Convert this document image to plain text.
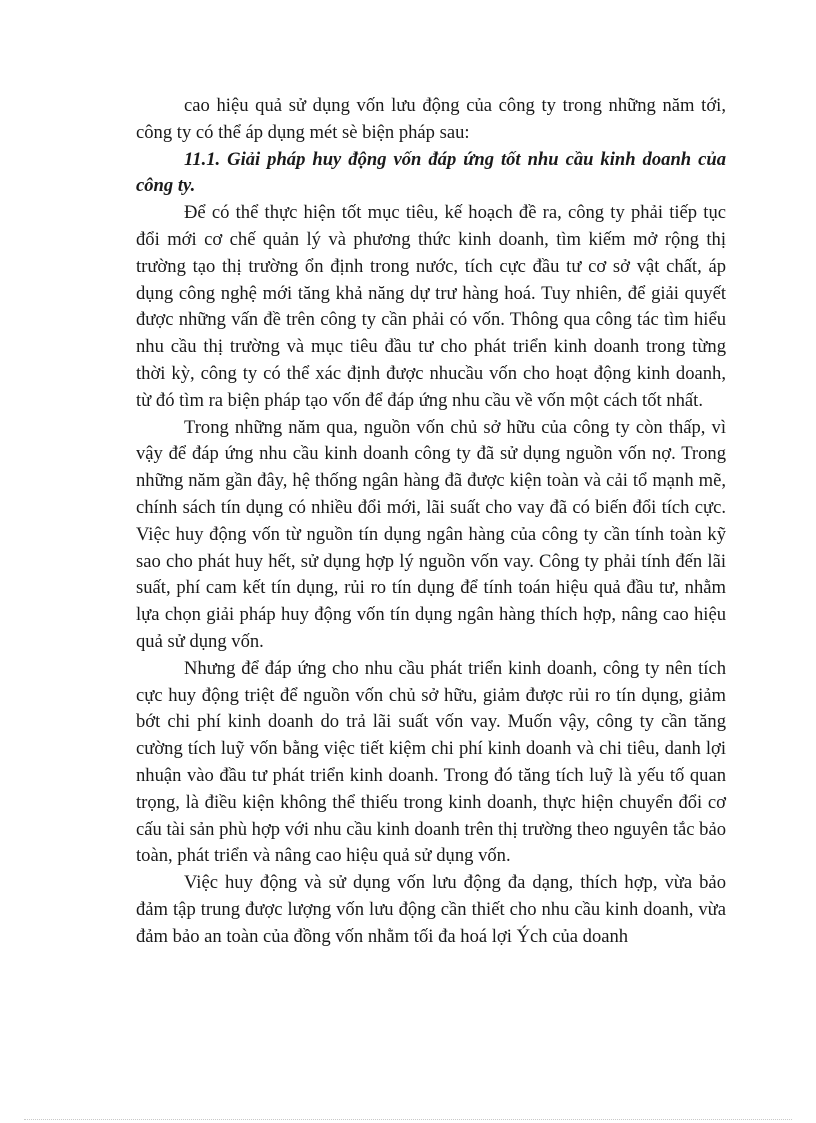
cao hiệu quả sử dụng vốn lưu động của công ty trong những năm tới, công ty có thể áp dụng mét sè biện pháp sau:

11.1. Giải pháp huy động vốn đáp ứng tốt nhu cầu kinh doanh của công ty.

Để có thể thực hiện tốt mục tiêu, kế hoạch đề ra, công ty phải tiếp tục đổi mới cơ chế quản lý và phương thức kinh doanh, tìm kiếm mở rộng thị trường tạo thị trường ổn định trong nước, tích cực đầu tư cơ sở vật chất, áp dụng công nghệ mới tăng khả năng dự trư hàng hoá. Tuy nhiên, để giải quyết được những vấn đề trên công ty cần phải có vốn. Thông qua công tác tìm hiểu nhu cầu thị trường và mục tiêu đầu tư cho phát triển kinh doanh trong từng thời kỳ, công ty có thể xác định được nhucầu vốn cho hoạt động kinh doanh, từ đó tìm ra biện pháp tạo vốn để đáp ứng nhu cầu về vốn một cách tốt nhất.

Trong những năm qua, nguồn vốn chủ sở hữu của công ty còn thấp, vì vậy để đáp ứng nhu cầu kinh doanh công ty đã sử dụng nguồn vốn nợ. Trong những năm gần đây, hệ thống ngân hàng đã được kiện toàn và cải tổ mạnh mẽ, chính sách tín dụng có nhiều đổi mới, lãi suất cho vay đã có biến đổi tích cực. Việc huy động vốn từ nguồn tín dụng ngân hàng của công ty cần tính toàn kỹ sao cho phát huy hết, sử dụng hợp lý nguồn vốn vay. Công ty phải tính đến lãi suất, phí cam kết tín dụng, rủi ro tín dụng để tính toán hiệu quả đầu tư, nhằm lựa chọn giải pháp huy động vốn tín dụng ngân hàng thích hợp, nâng cao hiệu quả sử dụng vốn.

Nhưng để đáp ứng cho nhu cầu phát triển kinh doanh, công ty nên tích cực huy động triệt để nguồn vốn chủ sở hữu, giảm được rủi ro tín dụng, giảm bớt chi phí kinh doanh do trả lãi suất vốn vay. Muốn vậy, công ty cần tăng cường tích luỹ vốn bằng việc tiết kiệm chi phí kinh doanh và chi tiêu, danh lợi nhuận vào đầu tư phát triển kinh doanh. Trong đó tăng tích luỹ là yếu tố quan trọng, là điều kiện không thể thiếu trong kinh doanh, thực hiện chuyển đổi cơ cấu tài sản phù hợp với nhu cầu kinh doanh trên thị trường theo nguyên tắc bảo toàn, phát triển và nâng cao hiệu quả sử dụng vốn.

Việc huy động và sử dụng vốn lưu động đa dạng, thích hợp, vừa bảo đảm tập trung được lượng vốn lưu động cần thiết cho nhu cầu kinh doanh, vừa đảm bảo an toàn của đồng vốn nhằm tối đa hoá lợi Ých của doanh
